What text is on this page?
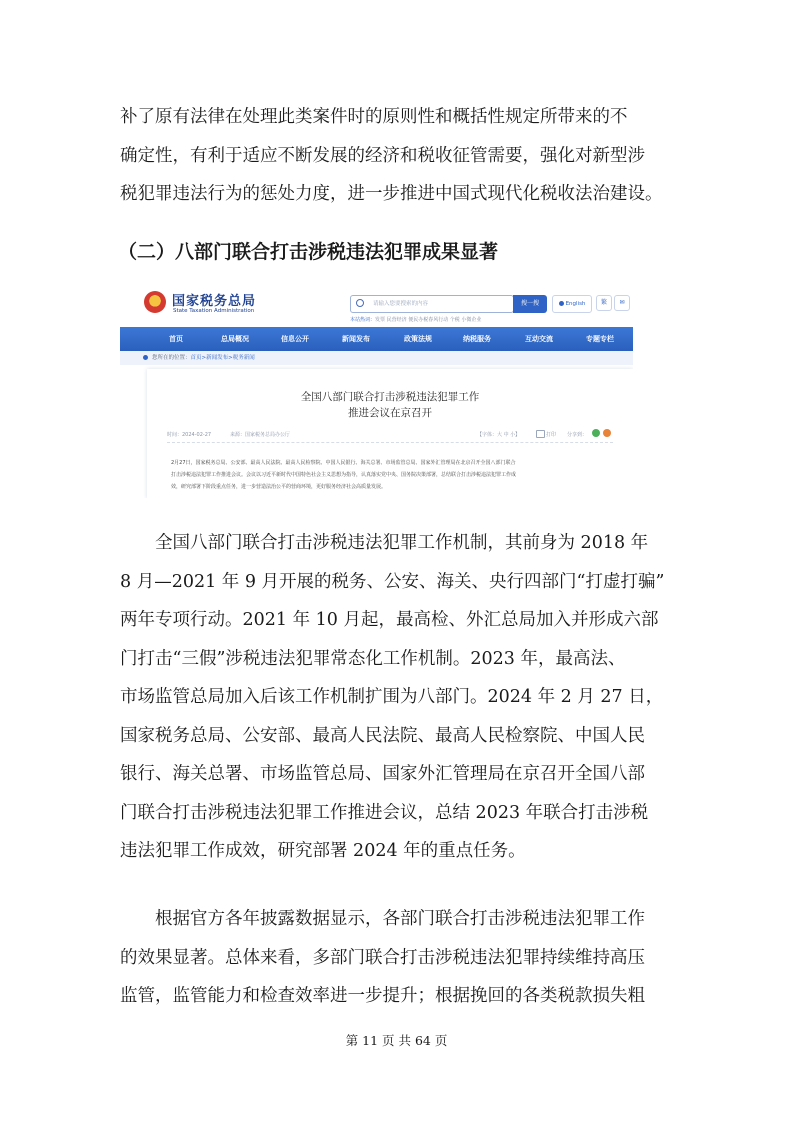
补了原有法律在处理此类案件时的原则性和概括性规定所带来的不
确定性，有利于适应不断发展的经济和税收征管需要，强化对新型涉
税犯罪违法行为的惩处力度，进一步推进中国式现代化税收法治建设。
（二）八部门联合打击涉税违法犯罪成果显著
国家税务总局
State Taxation Administration
请输入您要搜索的内容	搜一搜	English	繁	✉
本站热词：发票 民营经济 便民办税春风行动 个税 小微企业
首页	总局概况	信息公开	新闻发布	政策法规	纳税服务	互动交流	专题专栏
您所在的位置：首页>新闻发布>税务新闻
全国八部门联合打击涉税违法犯罪工作
推进会议在京召开
时间：2024-02-27	来源：国家税务总局办公厅	【字体：大 中 小】	打印 分享到：
2月27日，国家税务总局、公安部、最高人民法院、最高人民检察院、中国人民银行、海关总署、市场监管总局、国家外汇管理局在北京召开全国八部门联合
打击涉税违法犯罪工作推进会议。会议以习近平新时代中国特色社会主义思想为指导，认真落实党中央、国务院决策部署，总结联合打击涉税违法犯罪工作成
效，研究部署下阶段重点任务，进一步营造法治公平的营商环境，更好服务经济社会高质量发展。
全国八部门联合打击涉税违法犯罪工作机制，其前身为 2018 年
8 月—2021 年 9 月开展的税务、公安、海关、央行四部门“打虚打骗”
两年专项行动。2021 年 10 月起，最高检、外汇总局加入并形成六部
门打击“三假”涉税违法犯罪常态化工作机制。2023 年，最高法、
市场监管总局加入后该工作机制扩围为八部门。2024 年 2 月 27 日，
国家税务总局、公安部、最高人民法院、最高人民检察院、中国人民
银行、海关总署、市场监管总局、国家外汇管理局在京召开全国八部
门联合打击涉税违法犯罪工作推进会议，总结 2023 年联合打击涉税
违法犯罪工作成效，研究部署 2024 年的重点任务。
根据官方各年披露数据显示，各部门联合打击涉税违法犯罪工作
的效果显著。总体来看，多部门联合打击涉税违法犯罪持续维持高压
监管，监管能力和检查效率进一步提升；根据挽回的各类税款损失粗
第 11 页 共 64 页
